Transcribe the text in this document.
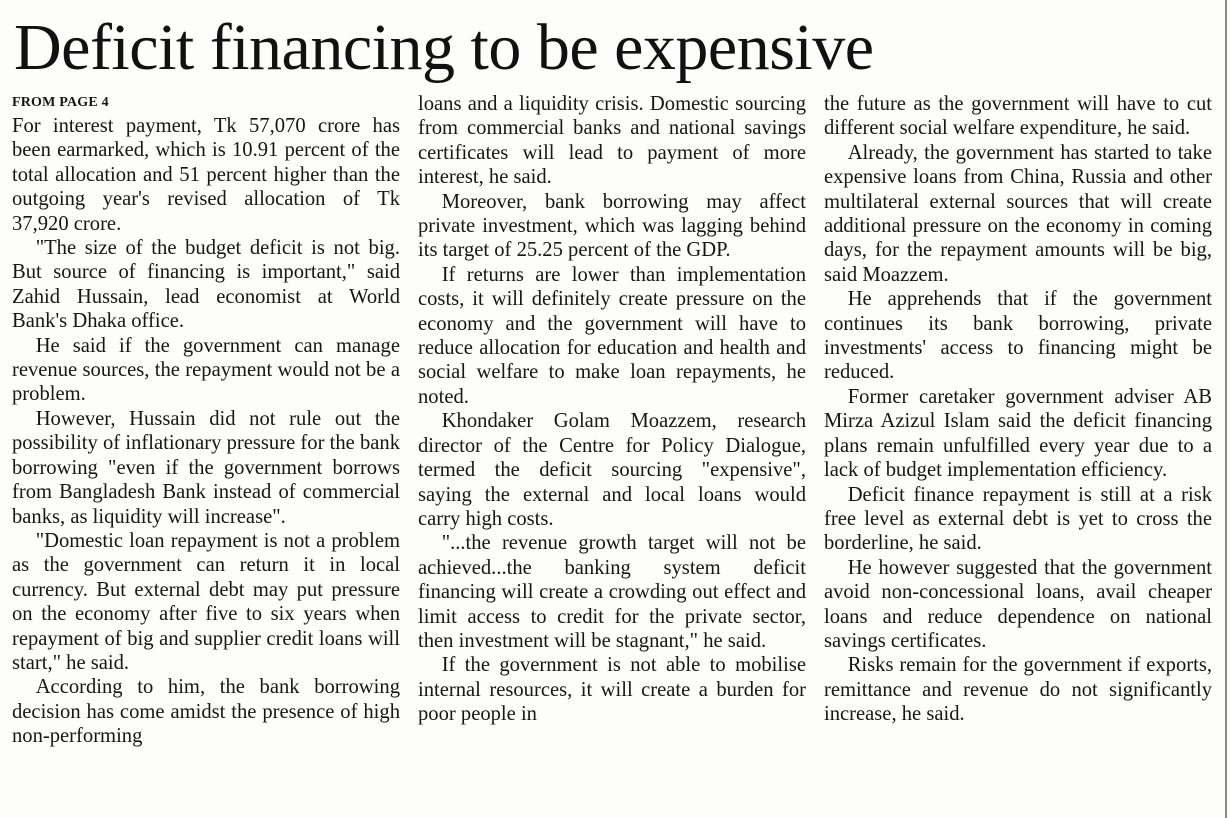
Deficit financing to be expensive
FROM PAGE 4

For interest payment, Tk 57,070 crore has been earmarked, which is 10.91 percent of the total allocation and 51 percent higher than the outgoing year's revised allocation of Tk 37,920 crore.

"The size of the budget deficit is not big. But source of financing is important," said Zahid Hussain, lead economist at World Bank's Dhaka office.

He said if the government can manage revenue sources, the repayment would not be a problem.

However, Hussain did not rule out the possibility of inflationary pressure for the bank borrowing "even if the government borrows from Bangladesh Bank instead of commercial banks, as liquidity will increase".

"Domestic loan repayment is not a problem as the government can return it in local currency. But external debt may put pressure on the economy after five to six years when repayment of big and supplier credit loans will start," he said.

According to him, the bank borrowing decision has come amidst the presence of high non-performing

loans and a liquidity crisis. Domestic sourcing from commercial banks and national savings certificates will lead to payment of more interest, he said.

Moreover, bank borrowing may affect private investment, which was lagging behind its target of 25.25 percent of the GDP.

If returns are lower than implementation costs, it will definitely create pressure on the economy and the government will have to reduce allocation for education and health and social welfare to make loan repayments, he noted.

Khondaker Golam Moazzem, research director of the Centre for Policy Dialogue, termed the deficit sourcing "expensive", saying the external and local loans would carry high costs.

"...the revenue growth target will not be achieved...the banking system deficit financing will create a crowding out effect and limit access to credit for the private sector, then investment will be stagnant," he said.

If the government is not able to mobilise internal resources, it will create a burden for poor people in

the future as the government will have to cut different social welfare expenditure, he said.

Already, the government has started to take expensive loans from China, Russia and other multilateral external sources that will create additional pressure on the economy in coming days, for the repayment amounts will be big, said Moazzem.

He apprehends that if the government continues its bank borrowing, private investments' access to financing might be reduced.

Former caretaker government adviser AB Mirza Azizul Islam said the deficit financing plans remain unfulfilled every year due to a lack of budget implementation efficiency.

Deficit finance repayment is still at a risk free level as external debt is yet to cross the borderline, he said.

He however suggested that the government avoid non-concessional loans, avail cheaper loans and reduce dependence on national savings certificates.

Risks remain for the government if exports, remittance and revenue do not significantly increase, he said.
